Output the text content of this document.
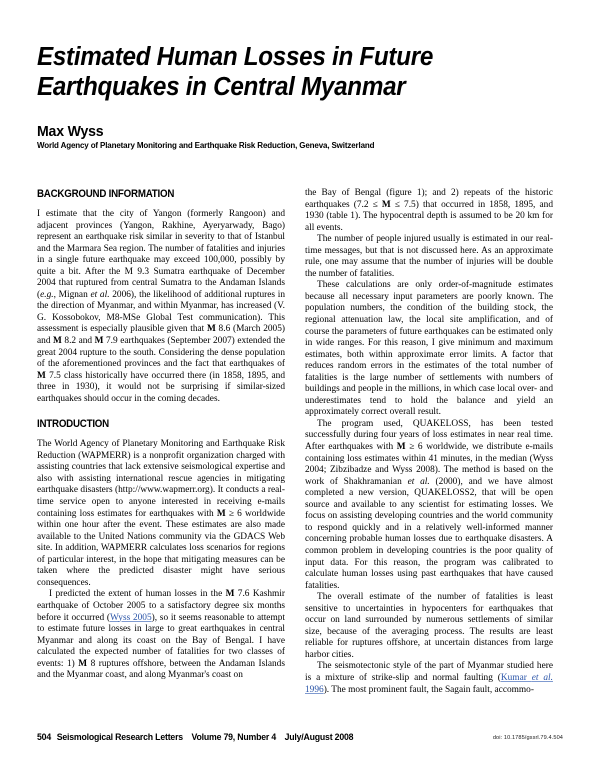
Estimated Human Losses in Future Earthquakes in Central Myanmar
Max Wyss
World Agency of Planetary Monitoring and Earthquake Risk Reduction, Geneva, Switzerland
BACKGROUND INFORMATION

I estimate that the city of Yangon (formerly Rangoon) and adjacent provinces (Yangon, Rakhine, Ayeryarwady, Bago) represent an earthquake risk similar in severity to that of Istanbul and the Marmara Sea region. The number of fatalities and injuries in a single future earthquake may exceed 100,000, possibly by quite a bit. After the M 9.3 Sumatra earthquake of December 2004 that ruptured from central Sumatra to the Andaman Islands (e.g., Mignan et al. 2006), the likelihood of additional ruptures in the direction of Myanmar, and within Myanmar, has increased (V. G. Kossobokov, M8-MSe Global Test communication). This assessment is especially plausible given that M 8.6 (March 2005) and M 8.2 and M 7.9 earthquakes (September 2007) extended the great 2004 rupture to the south. Considering the dense population of the aforementioned provinces and the fact that earthquakes of M 7.5 class historically have occurred there (in 1858, 1895, and three in 1930), it would not be surprising if similar-sized earthquakes should occur in the coming decades.

INTRODUCTION

The World Agency of Planetary Monitoring and Earthquake Risk Reduction (WAPMERR) is a nonprofit organization charged with assisting countries that lack extensive seismological expertise and also with assisting international rescue agencies in mitigating earthquake disasters (http://www.wapmerr.org). It conducts a real-time service open to anyone interested in receiving e-mails containing loss estimates for earthquakes with M ≥ 6 worldwide within one hour after the event. These estimates are also made available to the United Nations community via the GDACS Web site. In addition, WAPMERR calculates loss scenarios for regions of particular interest, in the hope that mitigating measures can be taken where the predicted disaster might have serious consequences.

I predicted the extent of human losses in the M 7.6 Kashmir earthquake of October 2005 to a satisfactory degree six months before it occurred (Wyss 2005), so it seems reasonable to attempt to estimate future losses in large to great earthquakes in central Myanmar and along its coast on the Bay of Bengal. I have calculated the expected number of fatalities for two classes of events: 1) M 8 ruptures offshore, between the Andaman Islands and the Myanmar coast, and along Myanmar's coast on

the Bay of Bengal (figure 1); and 2) repeats of the historic earthquakes (7.2 ≤ M ≤ 7.5) that occurred in 1858, 1895, and 1930 (table 1). The hypocentral depth is assumed to be 20 km for all events.

The number of people injured usually is estimated in our real-time messages, but that is not discussed here. As an approximate rule, one may assume that the number of injuries will be double the number of fatalities.

These calculations are only order-of-magnitude estimates because all necessary input parameters are poorly known. The population numbers, the condition of the building stock, the regional attenuation law, the local site amplification, and of course the parameters of future earthquakes can be estimated only in wide ranges. For this reason, I give minimum and maximum estimates, both within approximate error limits. A factor that reduces random errors in the estimates of the total number of fatalities is the large number of settlements with numbers of buildings and people in the millions, in which case local over- and underestimates tend to hold the balance and yield an approximately correct overall result.

The program used, QUAKELOSS, has been tested successfully during four years of loss estimates in near real time. After earthquakes with M ≥ 6 worldwide, we distribute e-mails containing loss estimates within 41 minutes, in the median (Wyss 2004; Zibzibadze and Wyss 2008). The method is based on the work of Shakhramanian et al. (2000), and we have almost completed a new version, QUAKELOSS2, that will be open source and available to any scientist for estimating losses. We focus on assisting developing countries and the world community to respond quickly and in a relatively well-informed manner concerning probable human losses due to earthquake disasters. A common problem in developing countries is the poor quality of input data. For this reason, the program was calibrated to calculate human losses using past earthquakes that have caused fatalities.

The overall estimate of the number of fatalities is least sensitive to uncertainties in hypocenters for earthquakes that occur on land surrounded by numerous settlements of similar size, because of the averaging process. The results are least reliable for ruptures offshore, at uncertain distances from large harbor cities.

The seismotectonic style of the part of Myanmar studied here is a mixture of strike-slip and normal faulting (Kumar et al. 1996). The most prominent fault, the Sagain fault, accommo-

504 Seismological Research Letters Volume 79, Number 4 July/August 2008	doi: 10.1785/gssrl.79.4.504
